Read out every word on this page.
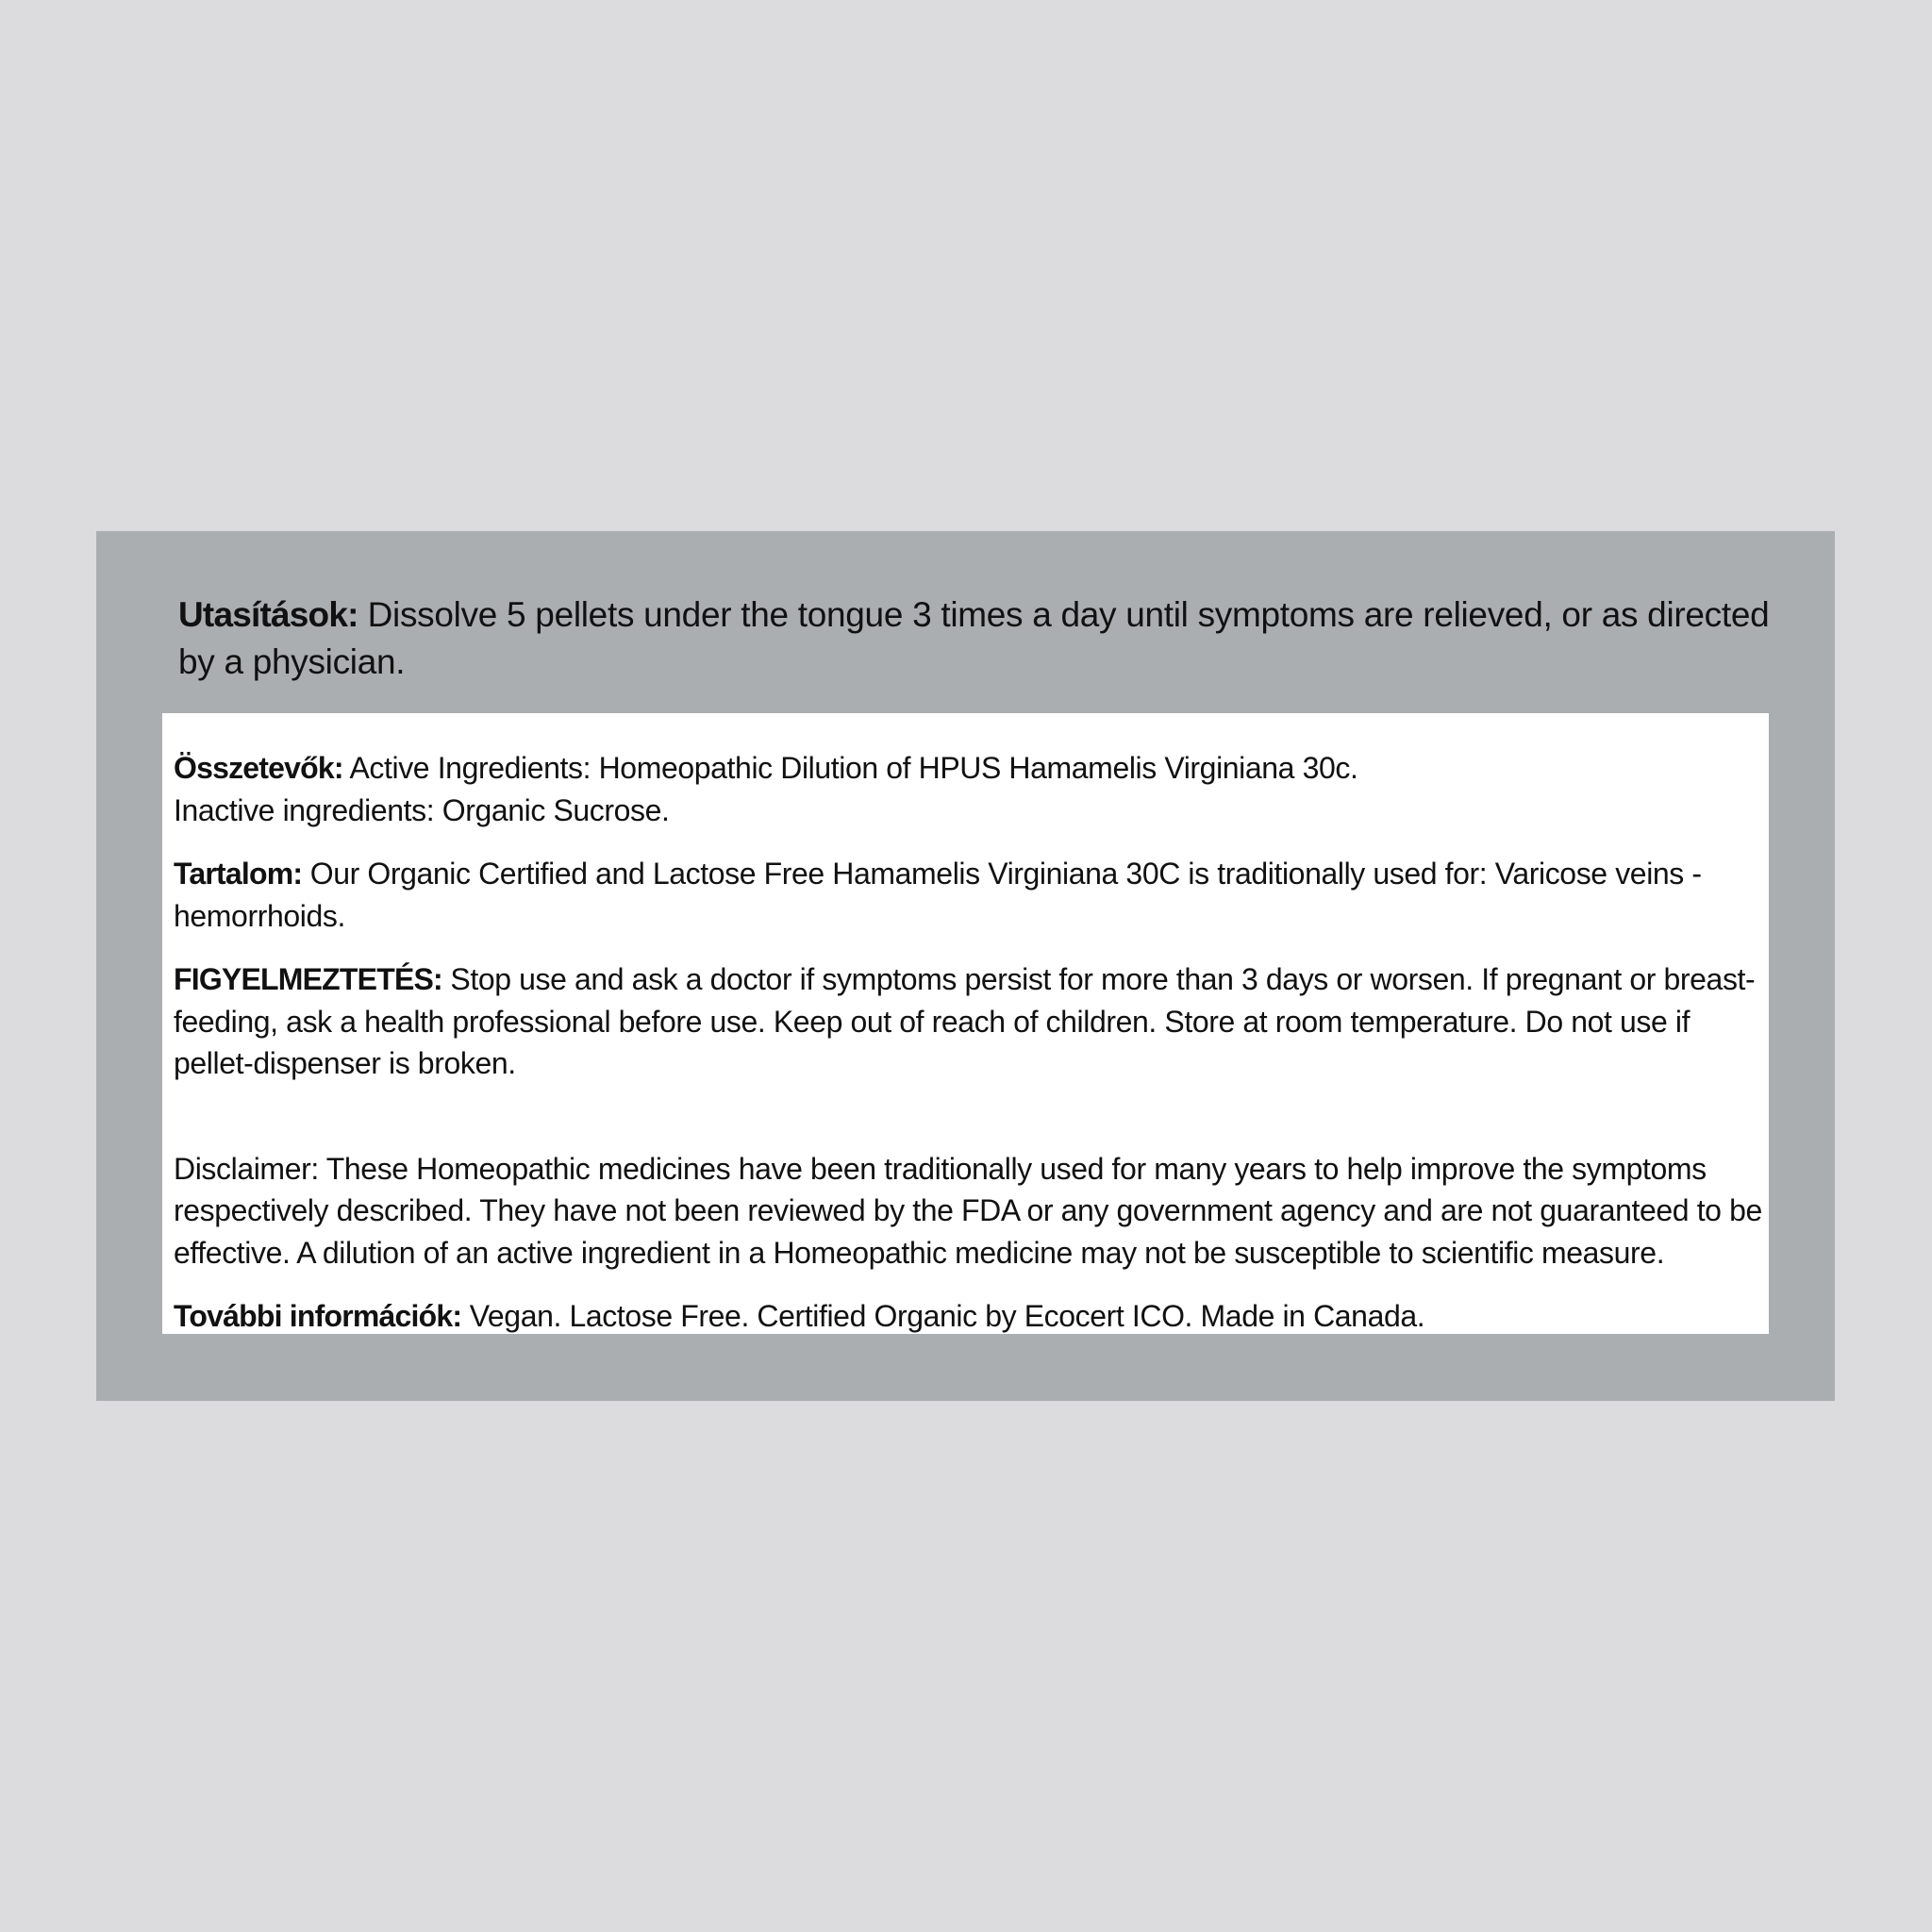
Utasítások: Dissolve 5 pellets under the tongue 3 times a day until symptoms are relieved, or as directed by a physician.

Összetevők: Active Ingredients: Homeopathic Dilution of HPUS Hamamelis Virginiana 30c.
Inactive ingredients: Organic Sucrose.

Tartalom: Our Organic Certified and Lactose Free Hamamelis Virginiana 30C is traditionally used for: Varicose veins - hemorrhoids.

FIGYELMEZTETÉS: Stop use and ask a doctor if symptoms persist for more than 3 days or worsen. If pregnant or breast-feeding, ask a health professional before use. Keep out of reach of children. Store at room temperature. Do not use if pellet-dispenser is broken.

Disclaimer: These Homeopathic medicines have been traditionally used for many years to help improve the symptoms respectively described. They have not been reviewed by the FDA or any government agency and are not guaranteed to be effective. A dilution of an active ingredient in a Homeopathic medicine may not be susceptible to scientific measure.

További információk: Vegan. Lactose Free. Certified Organic by Ecocert ICO. Made in Canada.
